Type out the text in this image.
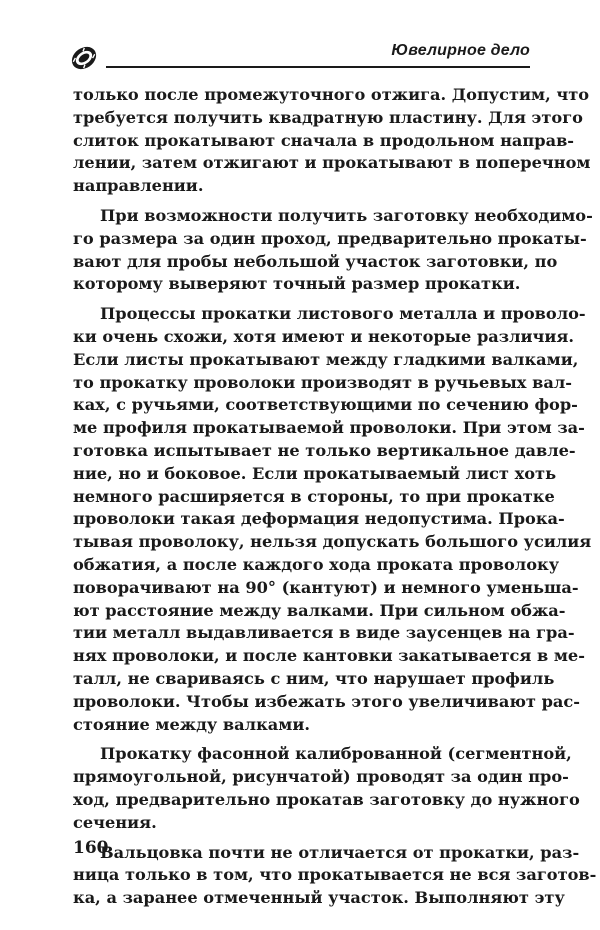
Ювелирное дело
только после промежуточного отжига. Допустим, что
требуется получить квадратную пластину. Для этого
слиток прокатывают сначала в продольном направ-
лении, затем отжигают и прокатывают в поперечном
направлении.
При возможности получить заготовку необходимо-
го размера за один проход, предварительно прокаты-
вают для пробы небольшой участок заготовки, по
которому выверяют точный размер прокатки.
Процессы прокатки листового металла и проволо-
ки очень схожи, хотя имеют и некоторые различия.
Если листы прокатывают между гладкими валками,
то прокатку проволоки производят в ручьевых вал-
ках, с ручьями, соответствующими по сечению фор-
ме профиля прокатываемой проволоки. При этом за-
готовка испытывает не только вертикальное давле-
ние, но и боковое. Если прокатываемый лист хоть
немного расширяется в стороны, то при прокатке
проволоки такая деформация недопустима. Прока-
тывая проволоку, нельзя допускать большого усилия
обжатия, а после каждого хода проката проволоку
поворачивают на 90° (кантуют) и немного уменьша-
ют расстояние между валками. При сильном обжа-
тии металл выдавливается в виде заусенцев на гра-
нях проволоки, и после кантовки закатывается в ме-
талл, не свариваясь с ним, что нарушает профиль
проволоки. Чтобы избежать этого увеличивают рас-
стояние между валками.
Прокатку фасонной калиброванной (сегментной,
прямоугольной, рисунчатой) проводят за один про-
ход, предварительно прокатав заготовку до нужного
сечения.
Вальцовка почти не отличается от прокатки, раз-
ница только в том, что прокатывается не вся заготов-
ка, а заранее отмеченный участок. Выполняют эту
160
